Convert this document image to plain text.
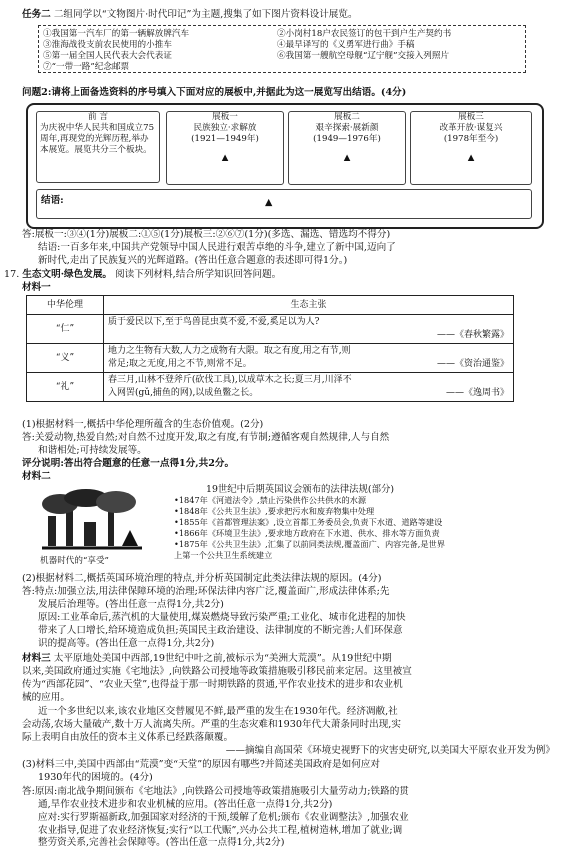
任务二 二组同学以“文物图片·时代印记”为主题,搜集了如下图片资料设计展览。
①我国第一汽车厂的第一辆解放牌汽车	②小岗村18户农民签订的包干到户生产契约书
③淮海战役支前农民使用的小推车	④最早译写的《义勇军进行曲》手稿
⑤第一届全国人民代表大会代表证	⑥我国第一艘航空母舰“辽宁舰”交接入列照片
⑦“一带一路”纪念邮票
问题2:请将上面备选资料的序号填入下面对应的展板中,并据此为这一展览写出结语。(4分)
前 言
为庆祝中华人民共和国成立75周年,再现党的光辉历程,举办本展览。展览共分三个板块。
展板一
民族独立·求解放
(1921—1949年)
▲
展板二
艰辛探索·展新颜
(1949—1976年)
▲
展板三
改革开放·谋复兴
(1978年至今)
▲
结语:	▲
答:展板一:③④(1分)展板二:①⑤(1分)展板三:②⑥⑦(1分)(多选、漏选、错选均不得分)
结语:一百多年来,中国共产党领导中国人民进行艰苦卓绝的斗争,建立了新中国,迈向了
新时代,走出了民族复兴的光辉道路。(答出任意合题意的表述即可得1分。)
17. 生态文明·绿色发展。 阅读下列材料,结合所学知识回答问题。
材料一
中华伦理	生态主张
“仁”	质于爱民以下,至于鸟兽昆虫莫不爱,不爱,奚足以为人?
——《春秋繁露》

“义”	地力之生物有大数,人力之成物有大限。取之有度,用之有节,则
常足;取之无度,用之不节,则常不足。 ——《资治通鉴》

“礼”	春三月,山林不登斧斤(砍伐工具),以成草木之长;夏三月,川泽不
入网罟(gǔ,捕鱼的网),以成鱼鳖之长。 ——《逸周书》
(1)根据材料一,概括中华伦理所蕴含的生态价值观。(2分)
答:关爱动物,热爱自然;对自然不过度开发,取之有度,有节制;遵循客观自然规律,人与自然
和谐相处;可持续发展等。
评分说明:答出符合题意的任意一点得1分,共2分。
材料二
机器时代的“享受”
19世纪中后期英国议会颁布的法律法规(部分)
•1847年《河道法令》,禁止污染供作公共供水的水源
•1848年《公共卫生法》,要求把污水和废弃物集中处理
•1855年《首都管理法案》,设立首都工务委员会,负责下水道、道路等建设
•1866年《环境卫生法》,要求地方政府在下水道、供水、排水等方面负责
•1875年《公共卫生法》,汇集了以前同类法规,覆盖面广、内容完备,是世界上第一个公共卫生系统建立
(2)根据材料二,概括英国环境治理的特点,并分析英国制定此类法律法规的原因。(4分)
答:特点:加强立法,用法律保障环境的治理;环保法律内容广泛,覆盖面广,形成法律体系;先
发展后治理等。(答出任意一点得1分,共2分)
原因:工业革命后,蒸汽机的大量使用,煤炭燃烧导致污染严重;工业化、城市化进程的加快
带来了人口增长,给环境造成负担;英国民主政治建设、法律制度的不断完善;人们环保意
识的提高等。(答出任意一点得1分,共2分)
材料三 太平原地处美国中西部,19世纪中叶之前,被标示为“美洲大荒漠”。从19世纪中期
以来,美国政府通过实施《宅地法》,向铁路公司授地等政策措施吸引移民前来定居。这里被宣
传为“西部花园”、“农业天堂”,也得益于那一时期铁路的贯通,平作农业技术的进步和农业机
械的应用。
近一个多世纪以来,该农业地区交替履见不鲜,最严重的发生在1930年代。经济凋敝,社
会动荡,农场大量破产,数十万人流离失所。严重的生态灾难和1930年代大萧条同时出现,实
际上表明自由放任的资本主义体系已经跌落颠覆。
——摘编自高国荣《环境史视野下的灾害史研究,以美国大平原农业开发为例》
(3)材料三中,美国中西部由“荒漠”变“天堂”的原因有哪些?并简述美国政府是如何应对
1930年代的困境的。(4分)
答:原因:南北战争期间颁布《宅地法》,向铁路公司授地等政策措施吸引大量劳动力;铁路的贯
通,旱作农业技术进步和农业机械的应用。(答出任意一点得1分,共2分)
应对:实行罗斯福新政,加强国家对经济的干预,缓解了危机;颁布《农业调整法》,加强农业
农业指导,促进了农业经济恢复;实行“以工代赈”,兴办公共工程,植树造林,增加了就业;调
整劳资关系,完善社会保障等。(答出任意一点得1分,共2分)
